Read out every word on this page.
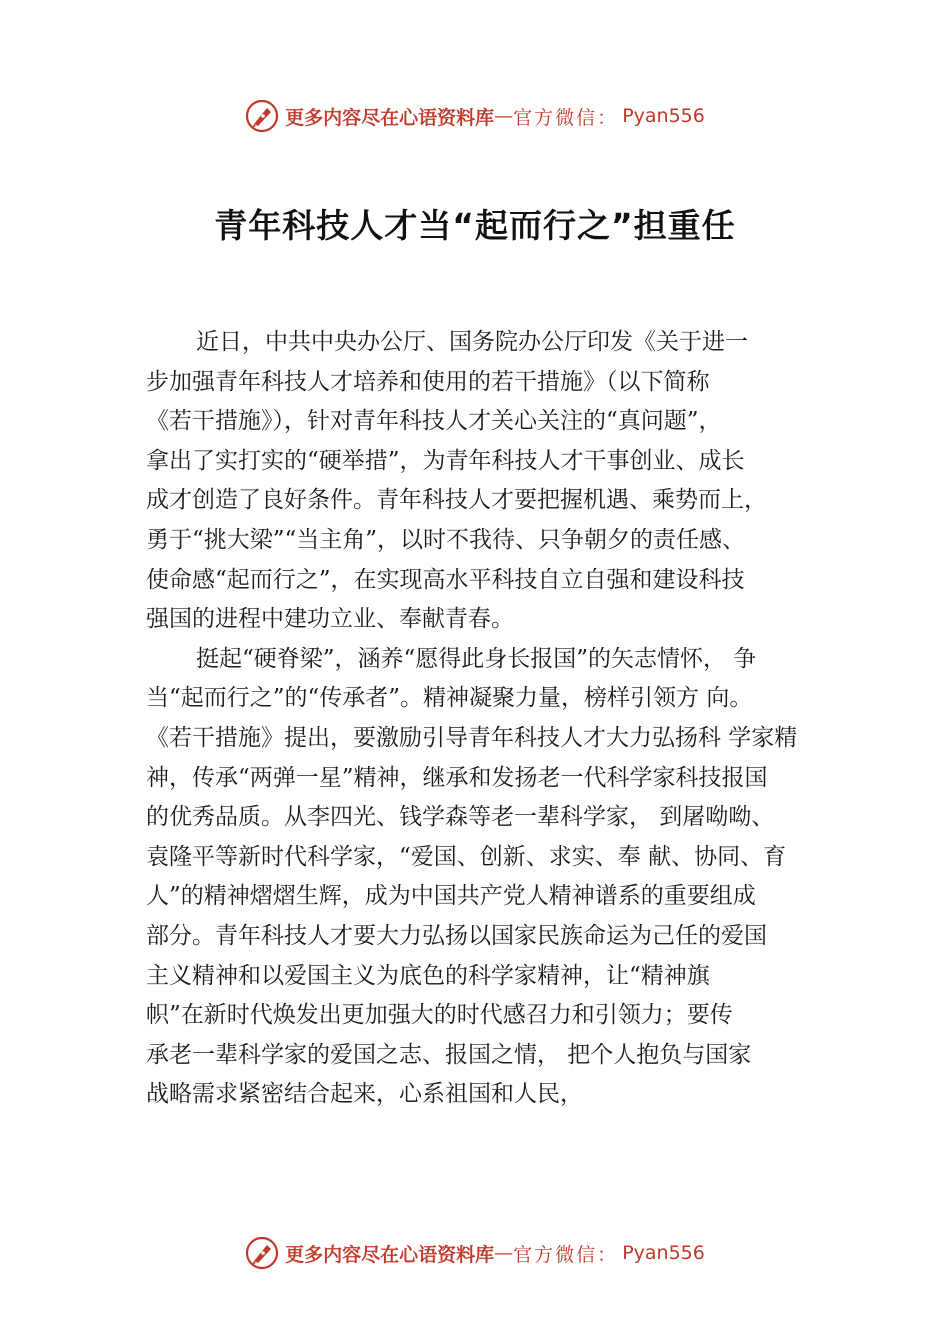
更多内容尽在心语资料库 — 官方微信： Pyan556
青年科技人才当“起而行之”担重任
近日，中共中央办公厅、国务院办公厅印发《关于进一
步加强青年科技人才培养和使用的若干措施》（以下简称
《若干措施》），针对青年科技人才关心关注的“真问题”，
拿出了实打实的“硬举措”，为青年科技人才干事创业、成长
成才创造了良好条件。青年科技人才要把握机遇、乘势而上，
勇于“挑大梁”“当主角”，以时不我待、只争朝夕的责任感、
使命感“起而行之”，在实现高水平科技自立自强和建设科技
强国的进程中建功立业、奉献青春。
挺起“硬脊梁”，涵养“愿得此身长报国”的矢志情怀， 争
当“起而行之”的“传承者”。精神凝聚力量，榜样引领方 向。
《若干措施》提出，要激励引导青年科技人才大力弘扬科 学家精
神，传承“两弹一星”精神，继承和发扬老一代科学家科技报国
的优秀品质。从李四光、钱学森等老一辈科学家， 到屠呦呦、
袁隆平等新时代科学家，“爱国、创新、求实、奉 献、协同、育
人”的精神熠熠生辉，成为中国共产党人精神谱系的重要组成
部分。青年科技人才要大力弘扬以国家民族命运为己任的爱国
主义精神和以爱国主义为底色的科学家精神，让“精神旗
帜”在新时代焕发出更加强大的时代感召力和引领力；要传
承老一辈科学家的爱国之志、报国之情， 把个人抱负与国家
战略需求紧密结合起来，心系祖国和人民，
更多内容尽在心语资料库 — 官方微信： Pyan556
